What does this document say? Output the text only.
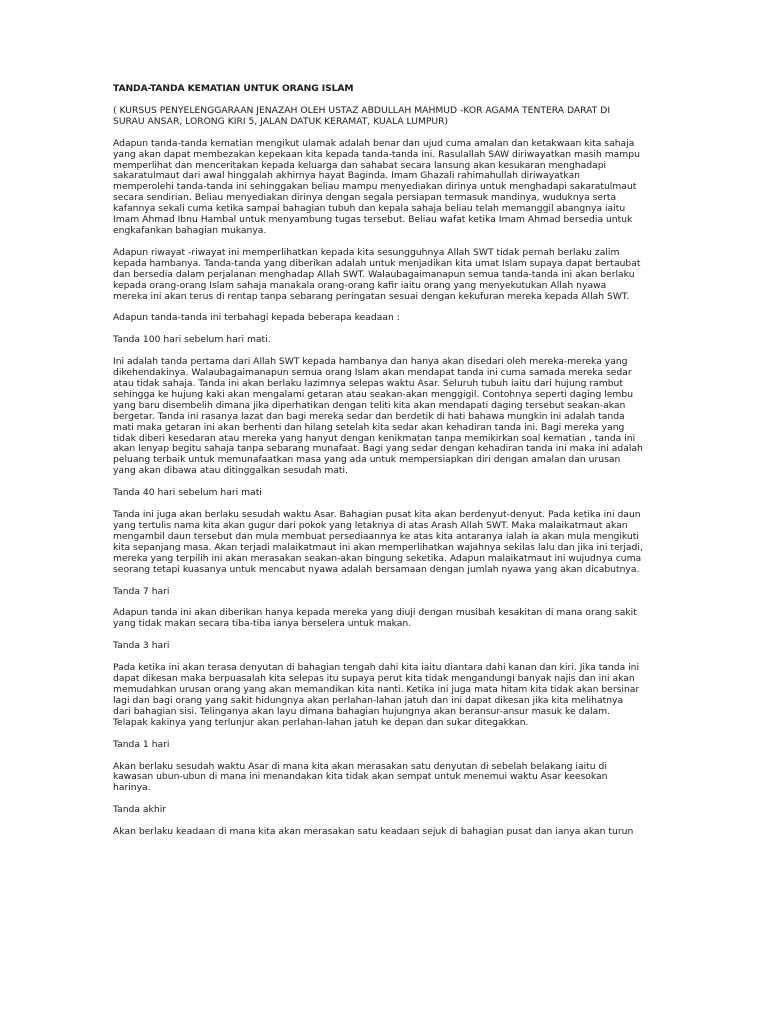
TANDA-TANDA KEMATIAN UNTUK ORANG ISLAM
( KURSUS PENYELENGGARAAN JENAZAH OLEH USTAZ ABDULLAH MAHMUD -KOR AGAMA TENTERA DARAT DI SURAU ANSAR, LORONG KIRI 5, JALAN DATUK KERAMAT, KUALA LUMPUR)

Adapun tanda-tanda kematian mengikut ulamak adalah benar dan ujud cuma amalan dan ketakwaan kita sahaja yang akan dapat membezakan kepekaan kita kepada tanda-tanda ini. Rasulallah SAW diriwayatkan masih mampu memperlihat dan menceritakan kepada keluarga dan sahabat secara lansung akan kesukaran menghadapi sakaratulmaut dari awal hinggalah akhirnya hayat Baginda. Imam Ghazali rahimahullah diriwayatkan memperolehi tanda-tanda ini sehinggakan beliau mampu menyediakan dirinya untuk menghadapi sakaratulmaut secara sendirian. Beliau menyediakan dirinya dengan segala persiapan termasuk mandinya, wuduknya serta kafannya sekali cuma ketika sampai bahagian tubuh dan kepala sahaja beliau telah memanggil abangnya iaitu Imam Ahmad Ibnu Hambal untuk menyambung tugas tersebut. Beliau wafat ketika Imam Ahmad bersedia untuk engkafankan bahagian mukanya.

Adapun riwayat -riwayat ini memperlihatkan kepada kita sesungguhnya Allah SWT tidak pernah berlaku zalim kepada hambanya. Tanda-tanda yang diberikan adalah untuk menjadikan kita umat Islam supaya dapat bertaubat dan bersedia dalam perjalanan menghadap Allah SWT. Walaubagaimanapun semua tanda-tanda ini akan berlaku kepada orang-orang Islam sahaja manakala orang-orang kafir iaitu orang yang menyekutukan Allah nyawa mereka ini akan terus di rentap tanpa sebarang peringatan sesuai dengan kekufuran mereka kepada Allah SWT.

Adapun tanda-tanda ini terbahagi kepada beberapa keadaan :

Tanda 100 hari sebelum hari mati.

Ini adalah tanda pertama dari Allah SWT kepada hambanya dan hanya akan disedari oleh mereka-mereka yang dikehendakinya. Walaubagaimanapun semua orang Islam akan mendapat tanda ini cuma samada mereka sedar atau tidak sahaja. Tanda ini akan berlaku lazimnya selepas waktu Asar. Seluruh tubuh iaitu dari hujung rambut sehingga ke hujung kaki akan mengalami getaran atau seakan-akan menggigil. Contohnya seperti daging lembu yang baru disembelih dimana jika diperhatikan dengan teliti kita akan mendapati daging tersebut seakan-akan bergetar. Tanda ini rasanya lazat dan bagi mereka sedar dan berdetik di hati bahawa mungkin ini adalah tanda mati maka getaran ini akan berhenti dan hilang setelah kita sedar akan kehadiran tanda ini. Bagi mereka yang tidak diberi kesedaran atau mereka yang hanyut dengan kenikmatan tanpa memikirkan soal kematian , tanda ini akan lenyap begitu sahaja tanpa sebarang munafaat. Bagi yang sedar dengan kehadiran tanda ini maka ini adalah peluang terbaik untuk memunafaatkan masa yang ada untuk mempersiapkan diri dengan amalan dan urusan yang akan dibawa atau ditinggalkan sesudah mati.

Tanda 40 hari sebelum hari mati

Tanda ini juga akan berlaku sesudah waktu Asar. Bahagian pusat kita akan berdenyut-denyut. Pada ketika ini daun yang tertulis nama kita akan gugur dari pokok yang letaknya di atas Arash Allah SWT. Maka malaikatmaut akan mengambil daun tersebut dan mula membuat persediaannya ke atas kita antaranya ialah ia akan mula mengikuti kita sepanjang masa. Akan terjadi malaikatmaut ini akan memperlihatkan wajahnya sekilas lalu dan jika ini terjadi, mereka yang terpilih ini akan merasakan seakan-akan bingung seketika. Adapun malaikatmaut ini wujudnya cuma seorang tetapi kuasanya untuk mencabut nyawa adalah bersamaan dengan jumlah nyawa yang akan dicabutnya.

Tanda 7 hari

Adapun tanda ini akan diberikan hanya kepada mereka yang diuji dengan musibah kesakitan di mana orang sakit yang tidak makan secara tiba-tiba ianya berselera untuk makan.

Tanda 3 hari

Pada ketika ini akan terasa denyutan di bahagian tengah dahi kita iaitu diantara dahi kanan dan kiri. Jika tanda ini dapat dikesan maka berpuasalah kita selepas itu supaya perut kita tidak mengandungi banyak najis dan ini akan memudahkan urusan orang yang akan memandikan kita nanti. Ketika ini juga mata hitam kita tidak akan bersinar lagi dan bagi orang yang sakit hidungnya akan perlahan-lahan jatuh dan ini dapat dikesan jika kita melihatnya dari bahagian sisi. Telinganya akan layu dimana bahagian hujungnya akan beransur-ansur masuk ke dalam. Telapak kakinya yang terlunjur akan perlahan-lahan jatuh ke depan dan sukar ditegakkan.

Tanda 1 hari

Akan berlaku sesudah waktu Asar di mana kita akan merasakan satu denyutan di sebelah belakang iaitu di kawasan ubun-ubun di mana ini menandakan kita tidak akan sempat untuk menemui waktu Asar keesokan harinya.

Tanda akhir

Akan berlaku keadaan di mana kita akan merasakan satu keadaan sejuk di bahagian pusat dan ianya akan turun
